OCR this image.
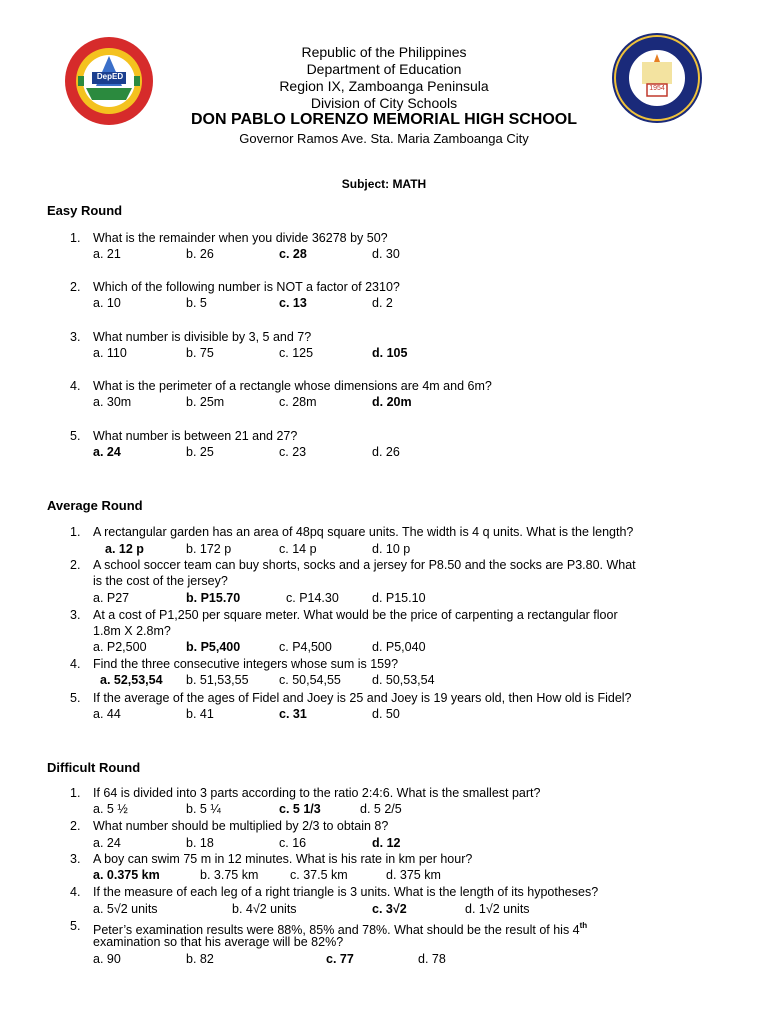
DepED
1954
Republic of the Philippines
Department of Education
Region IX, Zamboanga Peninsula
Division of City Schools
DON PABLO LORENZO MEMORIAL HIGH SCHOOL
Governor Ramos Ave. Sta. Maria Zamboanga City
Subject: MATH
Easy Round
1. What is the remainder when you divide 36278 by 50?
a. 21	b. 26	c. 28	d. 30
2. Which of the following number is NOT a factor of 2310?
a. 10	b. 5	c. 13	d. 2
3. What number is divisible by 3, 5 and 7?
a. 110	b. 75	c. 125	d. 105
4. What is the perimeter of a rectangle whose dimensions are 4m and 6m?
a. 30m	b. 25m	c. 28m	d. 20m
5. What number is between 21 and 27?
a. 24	b. 25	c. 23	d. 26
Average Round
1. A rectangular garden has an area of 48pq square units. The width is 4 q units. What is the length?
a. 12 p	b. 172 p	c. 14 p	d. 10 p
2. A school soccer team can buy shorts, socks and a jersey for P8.50 and the socks are P3.80. What
is the cost of the jersey?
a. P27	b. P15.70	c. P14.30	d. P15.10
3. At a cost of P1,250 per square meter. What would be the price of carpenting a rectangular floor
1.8m X 2.8m?
a. P2,500	b. P5,400	c. P4,500	d. P5,040
4. Find the three consecutive integers whose sum is 159?
a. 52,53,54 b. 51,53,55 c. 50,54,55 d. 50,53,54
5. If the average of the ages of Fidel and Joey is 25 and Joey is 19 years old, then How old is Fidel?
a. 44	b. 41	c. 31	d. 50
Difficult Round
1. If 64 is divided into 3 parts according to the ratio 2:4:6. What is the smallest part?
a. 5 ½	b. 5 ¼	c. 5 1/3	d. 5 2/5
2. What number should be multiplied by 2/3 to obtain 8?
a. 24	b. 18	c. 16	d. 12
3. A boy can swim 75 m in 12 minutes. What is his rate in km per hour?
a. 0.375 km	b. 3.75 km	c. 37.5 km	d. 375 km
4. If the measure of each leg of a right triangle is 3 units. What is the length of its hypotheses?
a. 5√2 units	b. 4√2 units	c. 3√2	d. 1√2 units
5. Peter’s examination results were 88%, 85% and 78%. What should be the result of his 4th
examination so that his average will be 82%?
a. 90	b. 82	c. 77	d. 78
